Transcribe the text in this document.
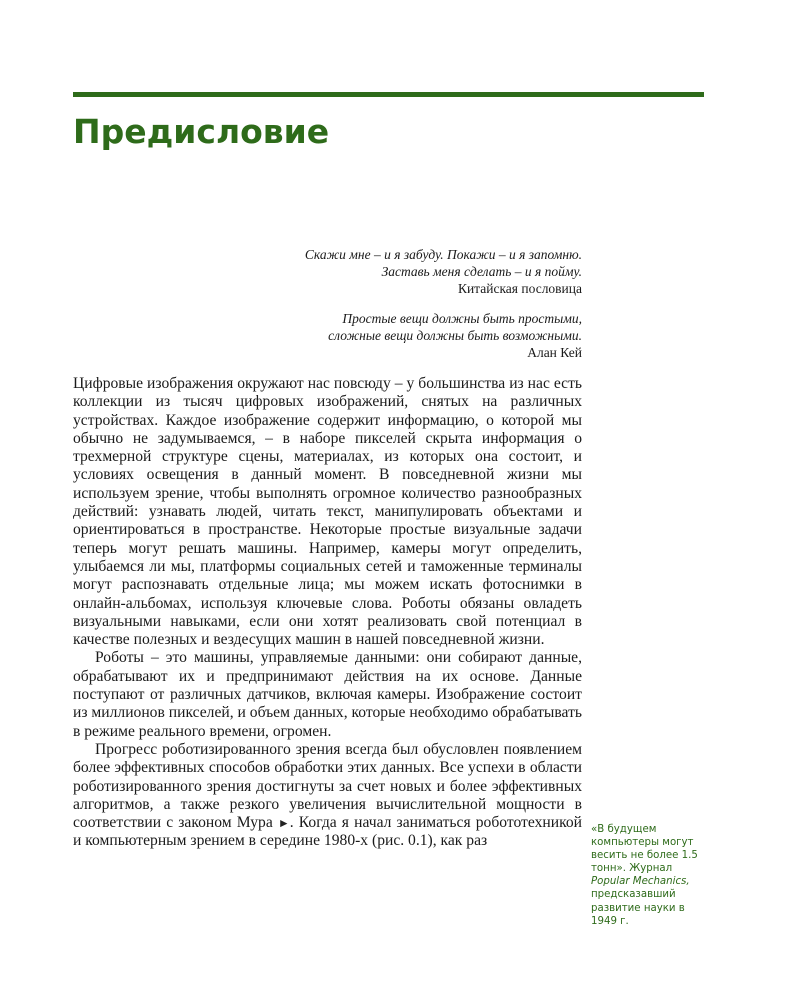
Предисловие
Скажи мне – и я забуду. Покажи – и я запомню.
Заставь меня сделать – и я пойму.
Китайская пословица
Простые вещи должны быть простыми,
сложные вещи должны быть возможными.
Алан Кей

Цифровые изображения окружают нас повсюду – у большинства из нас есть коллекции из тысяч цифровых изображений, снятых на различных устройствах. Каждое изображение содержит информацию, о которой мы обычно не задумываемся, – в наборе пикселей скрыта информация о трехмерной структуре сцены, материалах, из которых она состоит, и условиях освещения в данный момент. В повседневной жизни мы используем зрение, чтобы выполнять огромное количество разнообразных действий: узнавать людей, читать текст, манипулировать объектами и ориентироваться в пространстве. Некоторые простые визуальные задачи теперь могут решать машины. Например, камеры могут определить, улыбаемся ли мы, платформы социальных сетей и таможенные терминалы могут распознавать отдельные лица; мы можем искать фотоснимки в онлайн-альбомах, используя ключевые слова. Роботы обязаны овладеть визуальными навыками, если они хотят реализовать свой потенциал в качестве полезных и вездесущих машин в нашей повседневной жизни.

Роботы – это машины, управляемые данными: они собирают данные, обрабатывают их и предпринимают действия на их основе. Данные поступают от различных датчиков, включая камеры. Изображение состоит из миллионов пикселей, и объем данных, которые необходимо обрабатывать в режиме реального времени, огромен.

Прогресс роботизированного зрения всегда был обусловлен появлением более эффективных способов обработки этих данных. Все успехи в области роботизированного зрения достигнуты за счет новых и более эффективных алгоритмов, а также резкого увеличения вычислительной мощности в соответствии с законом Мура ►. Когда я начал заниматься робототехникой и компьютерным зрением в середине 1980-х (рис. 0.1), как раз

«В будущем компьютеры могут весить не более 1.5 тонн». Журнал Popular Mechanics, предсказавший развитие науки в 1949 г.
